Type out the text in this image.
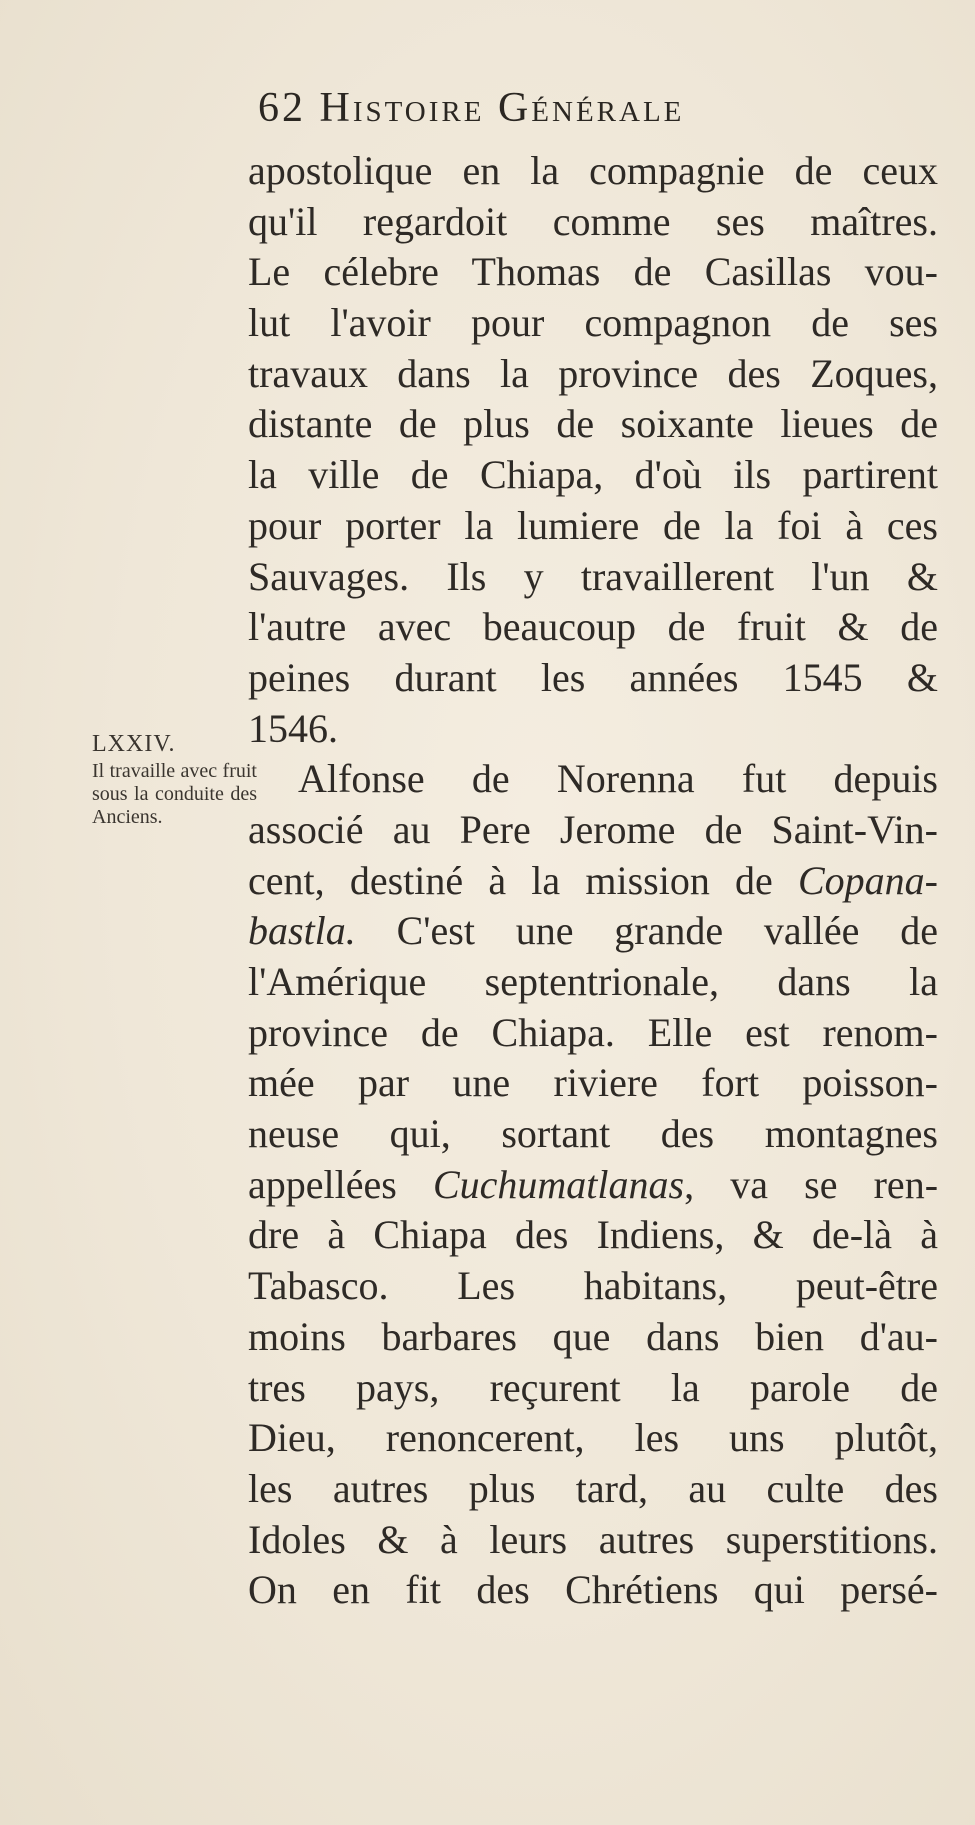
62 Histoire Générale
LXXIV.
Il travaille avec fruit sous la conduite des Anciens.
apostolique en la compagnie de ceux
qu'il regardoit comme ses maîtres.
Le célebre Thomas de Casillas vou-
lut l'avoir pour compagnon de ses
travaux dans la province des Zoques,
distante de plus de soixante lieues de
la ville de Chiapa, d'où ils partirent
pour porter la lumiere de la foi à ces
Sauvages. Ils y travaillerent l'un &
l'autre avec beaucoup de fruit & de
peines durant les années 1545 &
1546.
Alfonse de Norenna fut depuis
associé au Pere Jerome de Saint-Vin-
cent, destiné à la mission de Copana-
bastla. C'est une grande vallée de
l'Amérique septentrionale, dans la
province de Chiapa. Elle est renom-
mée par une riviere fort poisson-
neuse qui, sortant des montagnes
appellées Cuchumatlanas, va se ren-
dre à Chiapa des Indiens, & de-là à
Tabasco. Les habitans, peut-être
moins barbares que dans bien d'au-
tres pays, reçurent la parole de
Dieu, renoncerent, les uns plutôt,
les autres plus tard, au culte des
Idoles & à leurs autres superstitions.
On en fit des Chrétiens qui persé-
